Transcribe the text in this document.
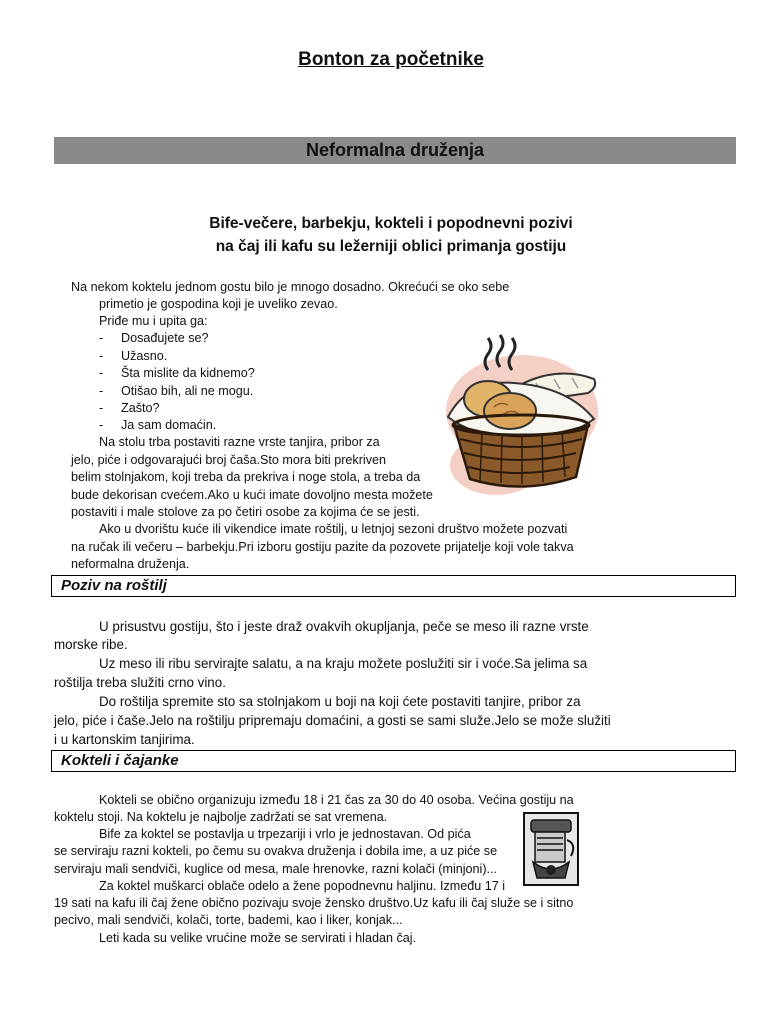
Bonton za početnike
Neformalna druženja
Bife-večere, barbekju, kokteli i popodnevni pozivi na čaj ili kafu su ležerniji oblici primanja gostiju
Na nekom koktelu jednom gostu bilo je mnogo dosadno. Okrećući se oko sebe
primetio je gospodina koji je uveliko zevao.
Priđe mu i upita ga:
- Dosađujete se?
- Užasno.
- Šta mislite da kidnemo?
- Otišao bih, ali ne mogu.
- Zašto?
- Ja sam domaćin.
Na stolu trba postaviti razne vrste tanjira, pribor za
jelo, piće i odgovarajući broj čaša.Sto mora biti prekriven
belim stolnjakom, koji treba da prekriva i noge stola, a treba da
bude dekorisan cvećem.Ako u kući imate dovoljno mesta možete
postaviti i male stolove za po četiri osobe za kojima će se jesti.
Ako u dvorištu kuće ili vikendice imate roštilj, u letnjoj sezoni društvo možete pozvati
na ručak ili večeru – barbekju.Pri izboru gostiju pazite da pozovete prijatelje koji vole takva
neformalna druženja.
Poziv na roštilj
U prisustvu gostiju, što i jeste draž ovakvih okupljanja, peče se meso ili razne vrste
morske ribe.
Uz meso ili ribu servirajte salatu, a na kraju možete poslužiti sir i voće.Sa jelima sa
roštilja treba služiti crno vino.
Do roštilja spremite sto sa stolnjakom u boji na koji ćete postaviti tanjire, pribor za
jelo, piće i čaše.Jelo na roštilju pripremaju domaćini, a gosti se sami služe.Jelo se može služiti
i u kartonskim tanjirima.
Kokteli i čajanke
Kokteli se obično organizuju između 18 i 21 čas za 30 do 40 osoba. Većina gostiju na
koktelu stoji. Na koktelu je najbolje zadržati se sat vremena.
Bife za koktel se postavlja u trpezariji i vrlo je jednostavan. Od pića
se serviraju razni kokteli, po čemu su ovakva druženja i dobila ime, a uz piće se
serviraju mali sendviči, kuglice od mesa, male hrenovke, razni kolači (minjoni)...
Za koktel muškarci oblače odelo a žene popodnevnu haljinu. Između 17 i
19 sati na kafu ili čaj žene obično pozivaju svoje žensko društvo.Uz kafu ili čaj služe se i sitno
pecivo, mali sendviči, kolači, torte, bademi, kao i liker, konjak...
Leti kada su velike vrućine može se servirati i hladan čaj.
